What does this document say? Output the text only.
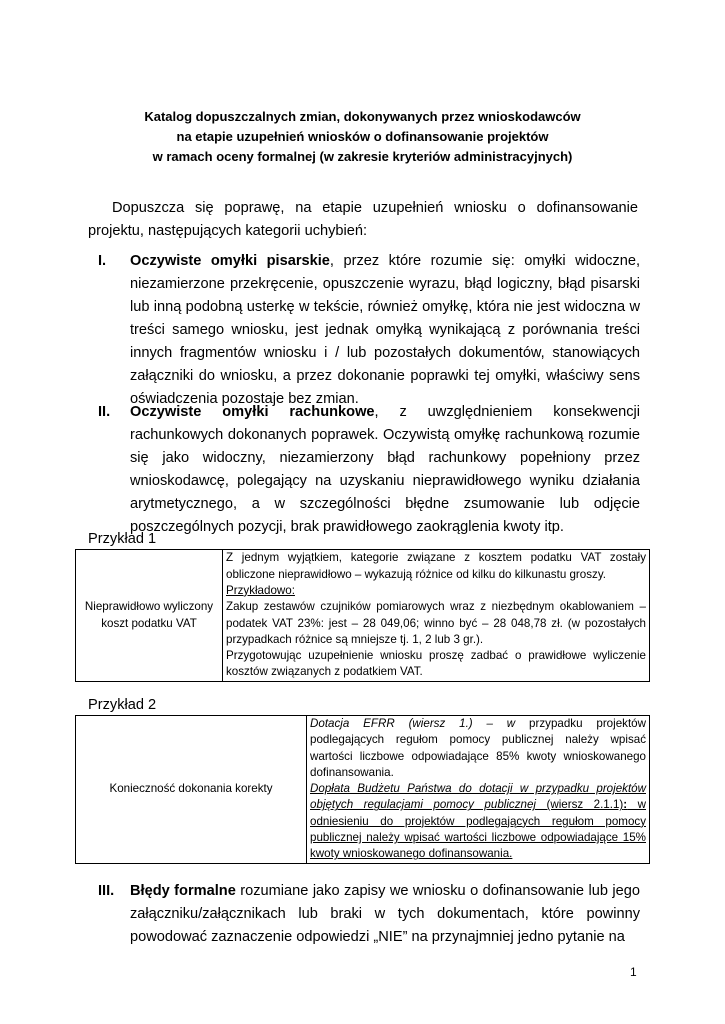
Katalog dopuszczalnych zmian, dokonywanych przez wnioskodawców
na etapie uzupełnień wniosków o dofinansowanie projektów
w ramach oceny formalnej (w zakresie kryteriów administracyjnych)

Dopuszcza się poprawę, na etapie uzupełnień wniosku o dofinansowanie projektu, następujących kategorii uchybień:

I. Oczywiste omyłki pisarskie, przez które rozumie się: omyłki widoczne, niezamierzone przekręcenie, opuszczenie wyrazu, błąd logiczny, błąd pisarski lub inną podobną usterkę w tekście, również omyłkę, która nie jest widoczna w treści samego wniosku, jest jednak omyłką wynikającą z porównania treści innych fragmentów wniosku i / lub pozostałych dokumentów, stanowiących załączniki do wniosku, a przez dokonanie poprawki tej omyłki, właściwy sens oświadczenia pozostaje bez zmian.
II. Oczywiste omyłki rachunkowe, z uwzględnieniem konsekwencji rachunkowych dokonanych poprawek. Oczywistą omyłkę rachunkową rozumie się jako widoczny, niezamierzony błąd rachunkowy popełniony przez wnioskodawcę, polegający na uzyskaniu nieprawidłowego wyniku działania arytmetycznego, a w szczególności błędne zsumowanie lub odjęcie poszczególnych pozycji, brak prawidłowego zaokrąglenia kwoty itp.
Przykład 1
Nieprawidłowo wyliczony koszt podatku VAT	
Z jednym wyjątkiem, kategorie związane z kosztem podatku VAT zostały obliczone nieprawidłowo – wykazują różnice od kilku do kilkunastu groszy.
Przykładowo:
Zakup zestawów czujników pomiarowych wraz z niezbędnym okablowaniem – podatek VAT 23%: jest – 28 049,06; winno być – 28 048,78 zł. (w pozostałych przypadkach różnice są mniejsze tj. 1, 2 lub 3 gr.).
Przygotowując uzupełnienie wniosku proszę zadbać o prawidłowe wyliczenie kosztów związanych z podatkiem VAT.
Przykład 2
Konieczność dokonania korekty	
Dotacja EFRR (wiersz 1.) – w przypadku projektów podlegających regułom pomocy publicznej należy wpisać wartości liczbowe odpowiadające 85% kwoty wnioskowanego dofinansowania.
Dopłata Budżetu Państwa do dotacji w przypadku projektów objętych regulacjami pomocy publicznej (wiersz 2.1.1): w odniesieniu do projektów podlegających regułom pomocy publicznej należy wpisać wartości liczbowe odpowiadające 15% kwoty wnioskowanego dofinansowania.
III. Błędy formalne rozumiane jako zapisy we wniosku o dofinansowanie lub jego załączniku/załącznikach lub braki w tych dokumentach, które powinny powodować zaznaczenie odpowiedzi „NIE” na przynajmniej jedno pytanie na
1
